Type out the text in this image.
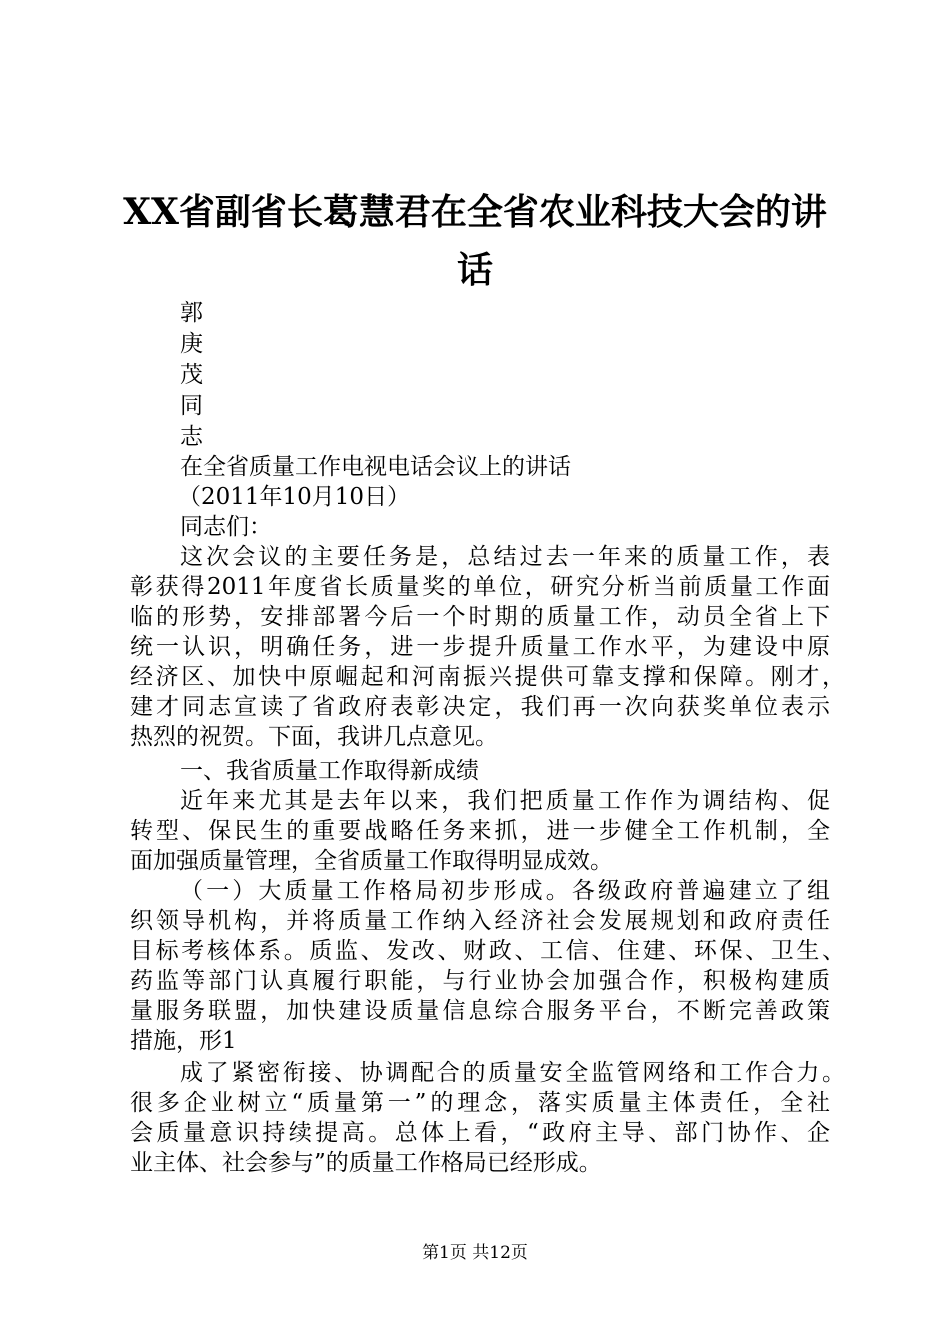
XX省副省长葛慧君在全省农业科技大会的讲
话
郭
庚
茂
同
志
在全省质量工作电视电话会议上的讲话
（2011年10月10日）
同志们：
这次会议的主要任务是，总结过去一年来的质量工作，表
彰获得2011年度省长质量奖的单位，研究分析当前质量工作面
临的形势，安排部署今后一个时期的质量工作，动员全省上下
统一认识，明确任务，进一步提升质量工作水平，为建设中原
经济区、加快中原崛起和河南振兴提供可靠支撑和保障。刚才，
建才同志宣读了省政府表彰决定，我们再一次向获奖单位表示
热烈的祝贺。下面，我讲几点意见。
一、我省质量工作取得新成绩
近年来尤其是去年以来，我们把质量工作作为调结构、促
转型、保民生的重要战略任务来抓，进一步健全工作机制，全
面加强质量管理，全省质量工作取得明显成效。
（一）大质量工作格局初步形成。各级政府普遍建立了组
织领导机构，并将质量工作纳入经济社会发展规划和政府责任
目标考核体系。质监、发改、财政、工信、住建、环保、卫生、
药监等部门认真履行职能，与行业协会加强合作，积极构建质
量服务联盟，加快建设质量信息综合服务平台，不断完善政策
措施，形1
成了紧密衔接、协调配合的质量安全监管网络和工作合力。
很多企业树立“质量第一”的理念，落实质量主体责任，全社
会质量意识持续提高。总体上看，“政府主导、部门协作、企
业主体、社会参与”的质量工作格局已经形成。
第1页 共12页
